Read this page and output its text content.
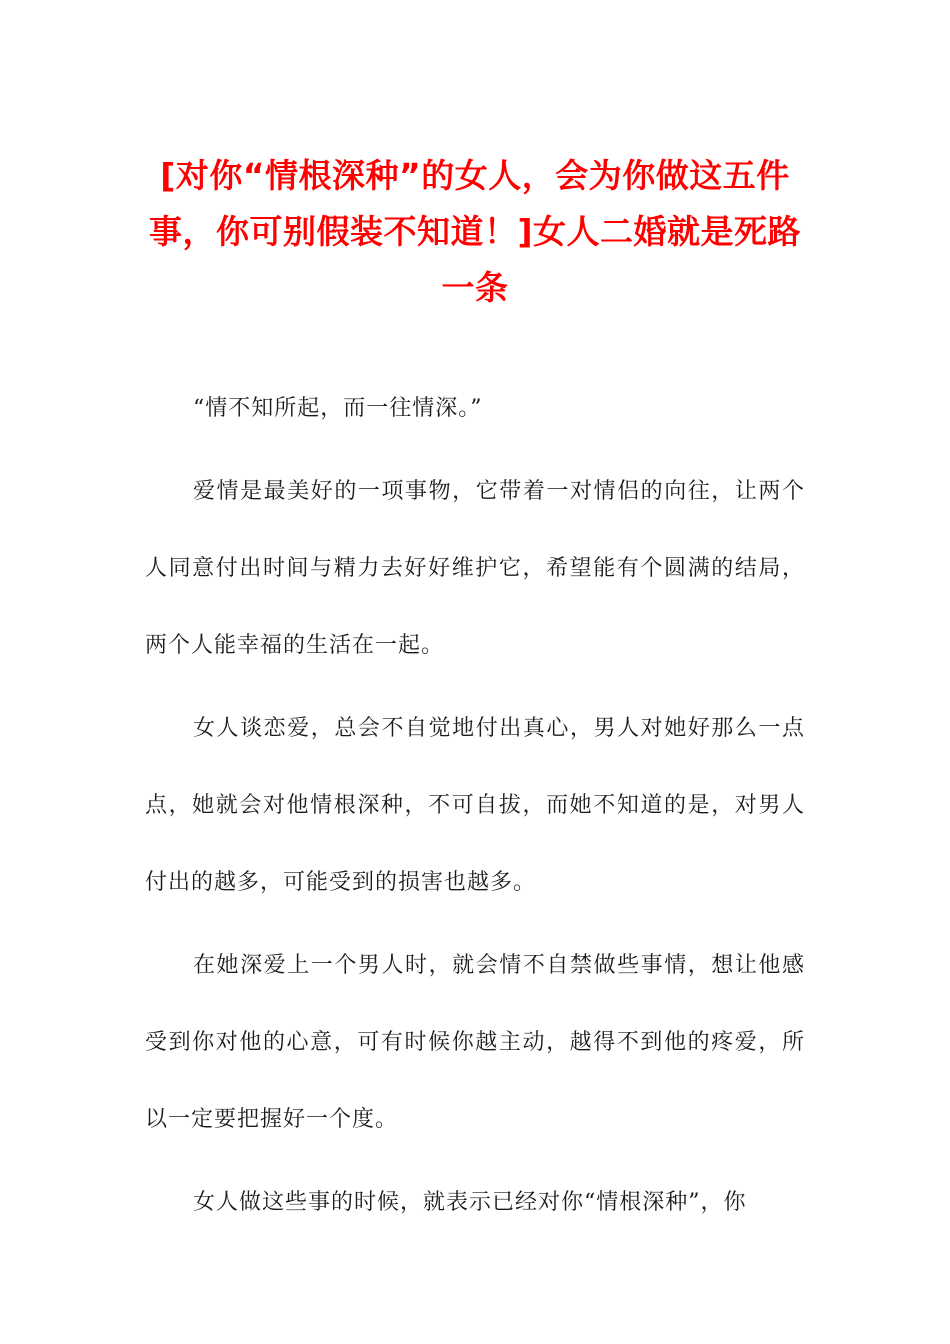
[对你“情根深种”的女人，会为你做这五件事，你可别假装不知道！]女人二婚就是死路一条

“情不知所起，而一往情深。”

爱情是最美好的一项事物，它带着一对情侣的向往，让两个人同意付出时间与精力去好好维护它，希望能有个圆满的结局，两个人能幸福的生活在一起。

女人谈恋爱，总会不自觉地付出真心，男人对她好那么一点点，她就会对他情根深种，不可自拔，而她不知道的是，对男人付出的越多，可能受到的损害也越多。

在她深爱上一个男人时，就会情不自禁做些事情，想让他感受到你对他的心意，可有时候你越主动，越得不到他的疼爱，所以一定要把握好一个度。

女人做这些事的时候，就表示已经对你“情根深种”，你
